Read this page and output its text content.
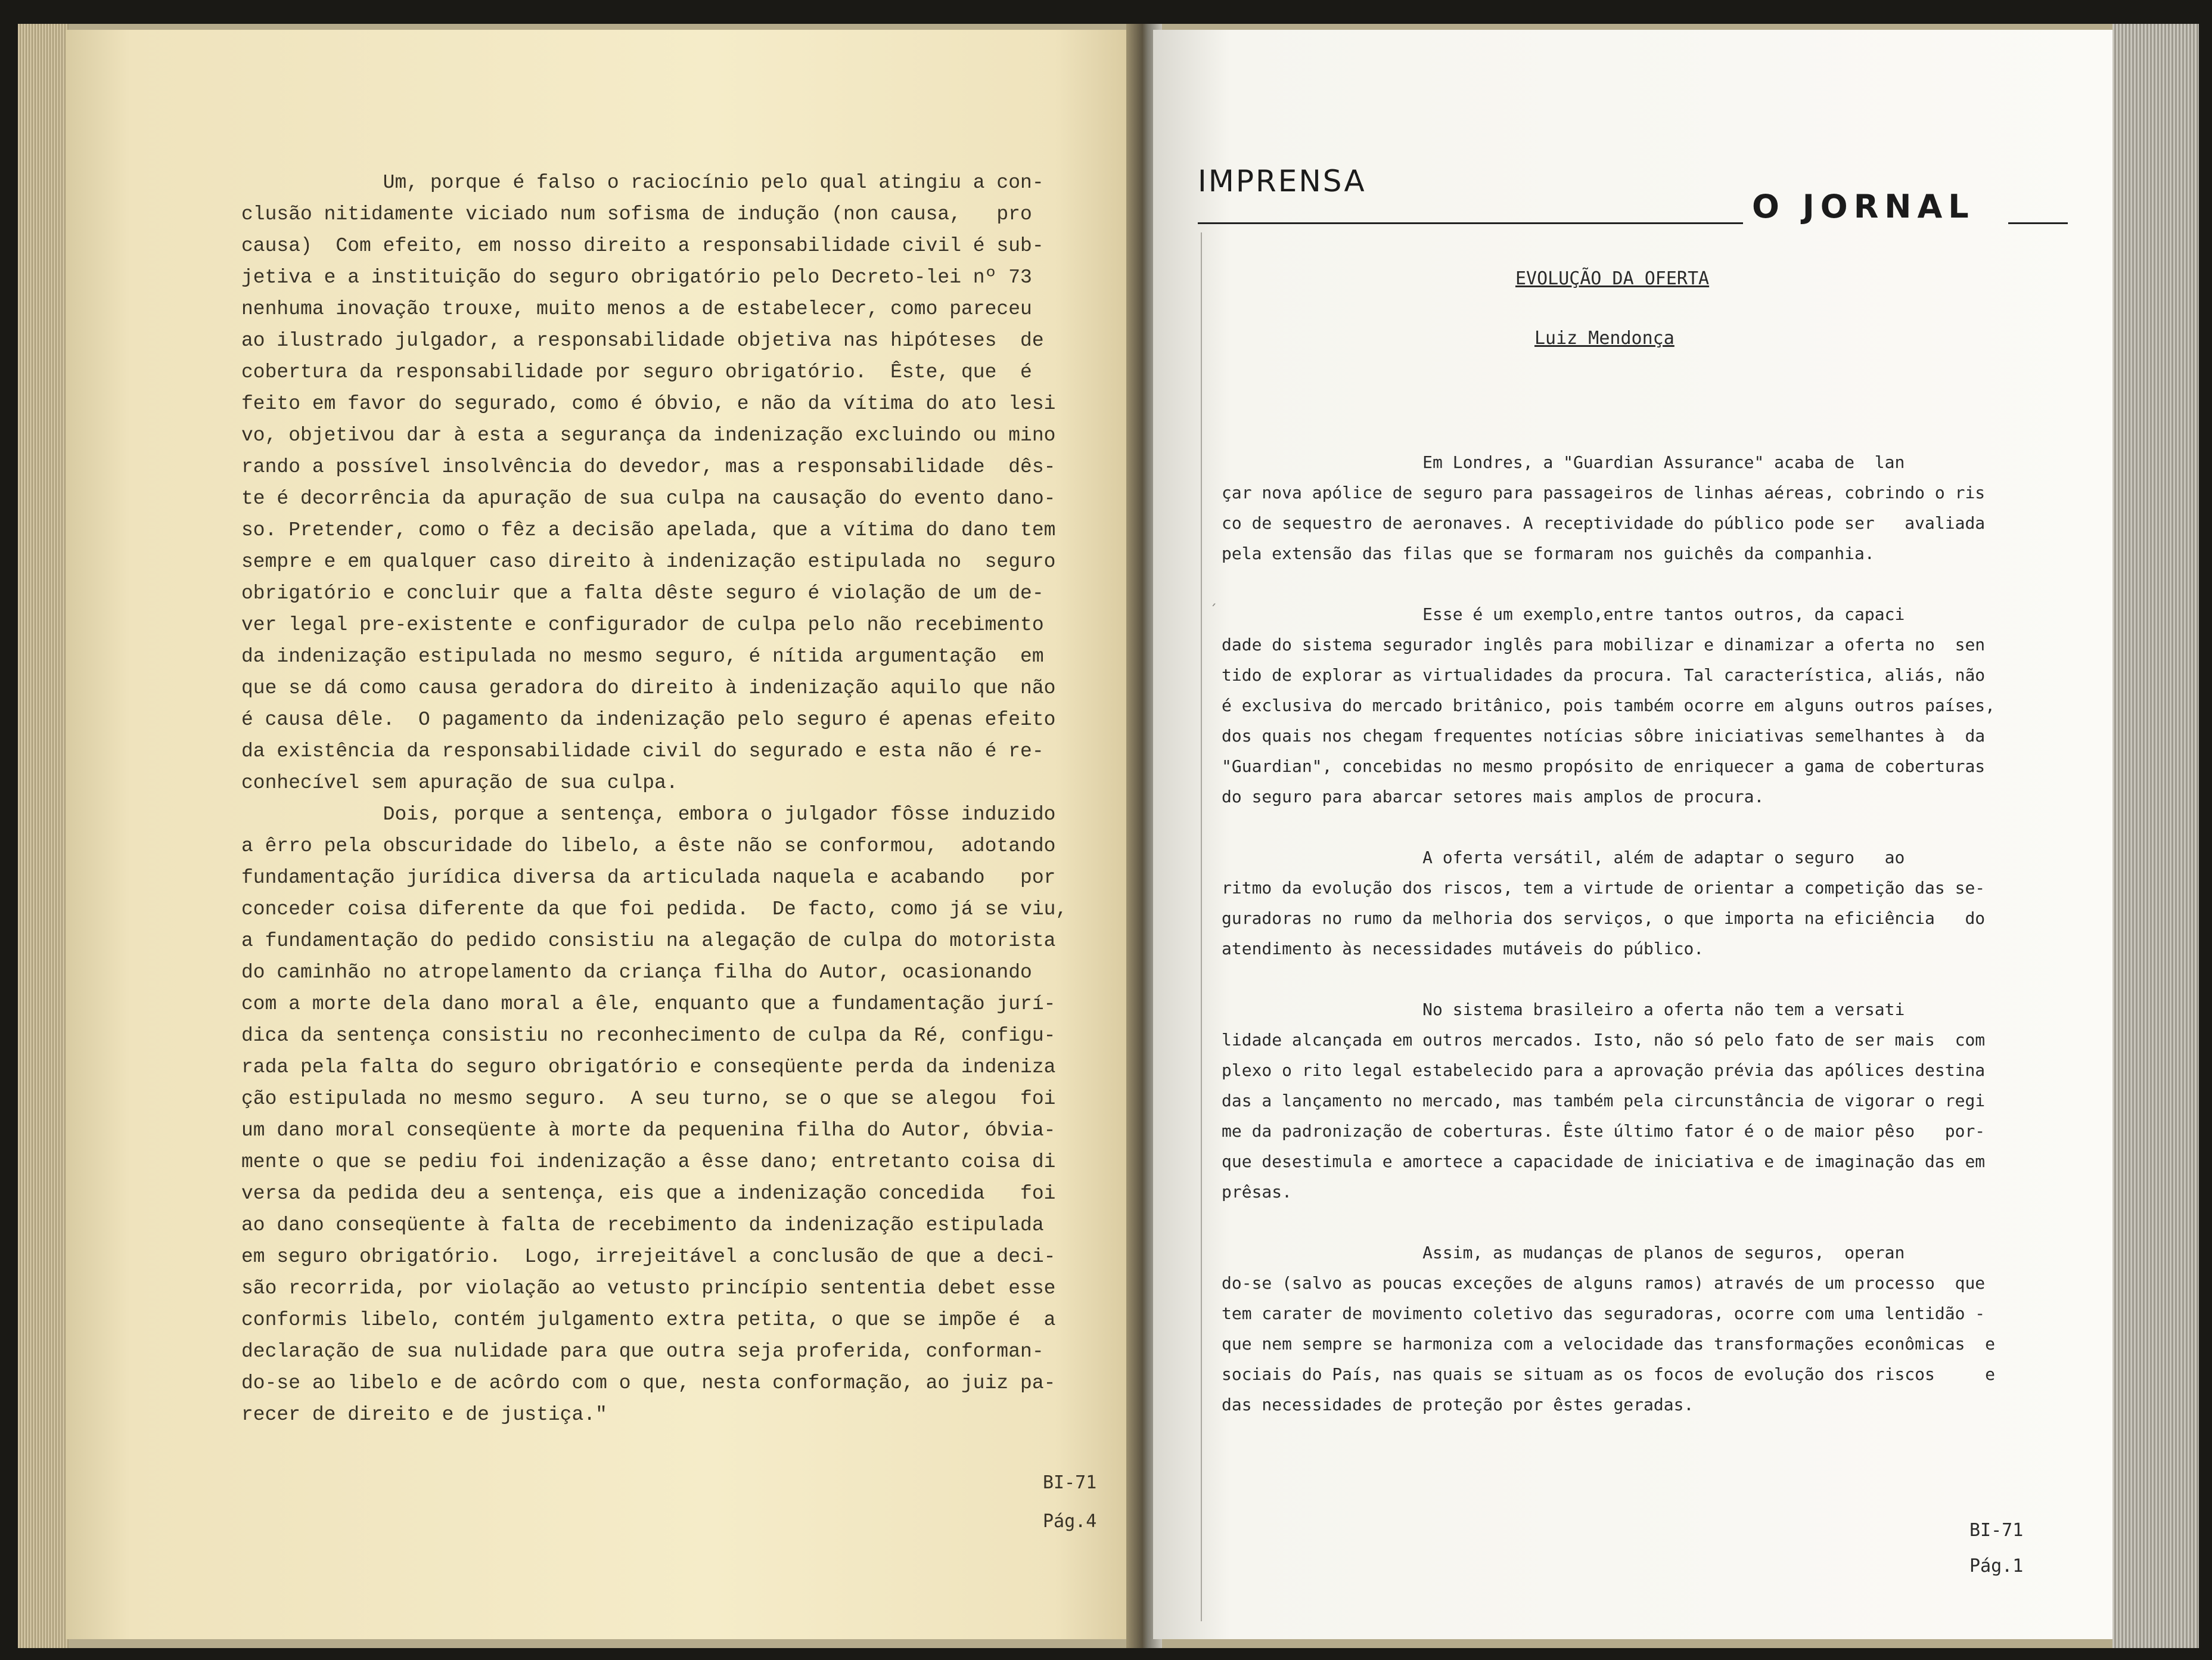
Um, porque é falso o raciocínio pelo qual atingiu a con-
clusão nitidamente viciado num sofisma de indução (non causa,   pro
causa)  Com efeito, em nosso direito a responsabilidade civil é sub-
jetiva e a instituição do seguro obrigatório pelo Decreto-lei nº 73
nenhuma inovação trouxe, muito menos a de estabelecer, como pareceu
ao ilustrado julgador, a responsabilidade objetiva nas hipóteses  de
cobertura da responsabilidade por seguro obrigatório.  Êste, que  é
feito em favor do segurado, como é óbvio, e não da vítima do ato lesi
vo, objetivou dar à esta a segurança da indenização excluindo ou mino
rando a possível insolvência do devedor, mas a responsabilidade  dês-
te é decorrência da apuração de sua culpa na causação do evento dano-
so. Pretender, como o fêz a decisão apelada, que a vítima do dano tem
sempre e em qualquer caso direito à indenização estipulada no  seguro
obrigatório e concluir que a falta dêste seguro é violação de um de-
ver legal pre-existente e configurador de culpa pelo não recebimento
da indenização estipulada no mesmo seguro, é nítida argumentação  em
que se dá como causa geradora do direito à indenização aquilo que não
é causa dêle.  O pagamento da indenização pelo seguro é apenas efeito
da existência da responsabilidade civil do segurado e esta não é re-
conhecível sem apuração de sua culpa.
Dois, porque a sentença, embora o julgador fôsse induzido
a êrro pela obscuridade do libelo, a êste não se conformou,  adotando
fundamentação jurídica diversa da articulada naquela e acabando   por
conceder coisa diferente da que foi pedida.  De facto, como já se viu,
a fundamentação do pedido consistiu na alegação de culpa do motorista
do caminhão no atropelamento da criança filha do Autor, ocasionando
com a morte dela dano moral a êle, enquanto que a fundamentação jurí-
dica da sentença consistiu no reconhecimento de culpa da Ré, configu-
rada pela falta do seguro obrigatório e conseqüente perda da indeniza
ção estipulada no mesmo seguro.  A seu turno, se o que se alegou  foi
um dano moral conseqüente à morte da pequenina filha do Autor, óbvia-
mente o que se pediu foi indenização a êsse dano; entretanto coisa di
versa da pedida deu a sentença, eis que a indenização concedida   foi
ao dano conseqüente à falta de recebimento da indenização estipulada
em seguro obrigatório.  Logo, irrejeitável a conclusão de que a deci-
são recorrida, por violação ao vetusto princípio sententia debet esse
conformis libelo, contém julgamento extra petita, o que se impõe é  a
declaração de sua nulidade para que outra seja proferida, conforman-
do-se ao libelo e de acôrdo com o que, nesta conformação, ao juiz pa-
recer de direito e de justiça."
BI-71
Pág.4
IMPRENSA
O JORNAL
ˊ
EVOLUÇÃO DA OFERTA
Luiz Mendonça
Em Londres, a "Guardian Assurance" acaba de  lan
çar nova apólice de seguro para passageiros de linhas aéreas, cobrindo o ris
co de sequestro de aeronaves. A receptividade do público pode ser   avaliada
pela extensão das filas que se formaram nos guichês da companhia.
Esse é um exemplo,entre tantos outros, da capaci
dade do sistema segurador inglês para mobilizar e dinamizar a oferta no  sen
tido de explorar as virtualidades da procura. Tal característica, aliás, não
é exclusiva do mercado britânico, pois também ocorre em alguns outros países,
dos quais nos chegam frequentes notícias sôbre iniciativas semelhantes à  da
"Guardian", concebidas no mesmo propósito de enriquecer a gama de coberturas
do seguro para abarcar setores mais amplos de procura.
A oferta versátil, além de adaptar o seguro   ao
ritmo da evolução dos riscos, tem a virtude de orientar a competição das se-
guradoras no rumo da melhoria dos serviços, o que importa na eficiência   do
atendimento às necessidades mutáveis do público.
No sistema brasileiro a oferta não tem a versati
lidade alcançada em outros mercados. Isto, não só pelo fato de ser mais  com
plexo o rito legal estabelecido para a aprovação prévia das apólices destina
das a lançamento no mercado, mas também pela circunstância de vigorar o regi
me da padronização de coberturas. Êste último fator é o de maior pêso   por-
que desestimula e amortece a capacidade de iniciativa e de imaginação das em
prêsas.
Assim, as mudanças de planos de seguros,  operan
do-se (salvo as poucas exceções de alguns ramos) através de um processo  que
tem carater de movimento coletivo das seguradoras, ocorre com uma lentidão -
que nem sempre se harmoniza com a velocidade das transformações econômicas  e
sociais do País, nas quais se situam as os focos de evolução dos riscos     e
das necessidades de proteção por êstes geradas.
BI-71
Pág.1
